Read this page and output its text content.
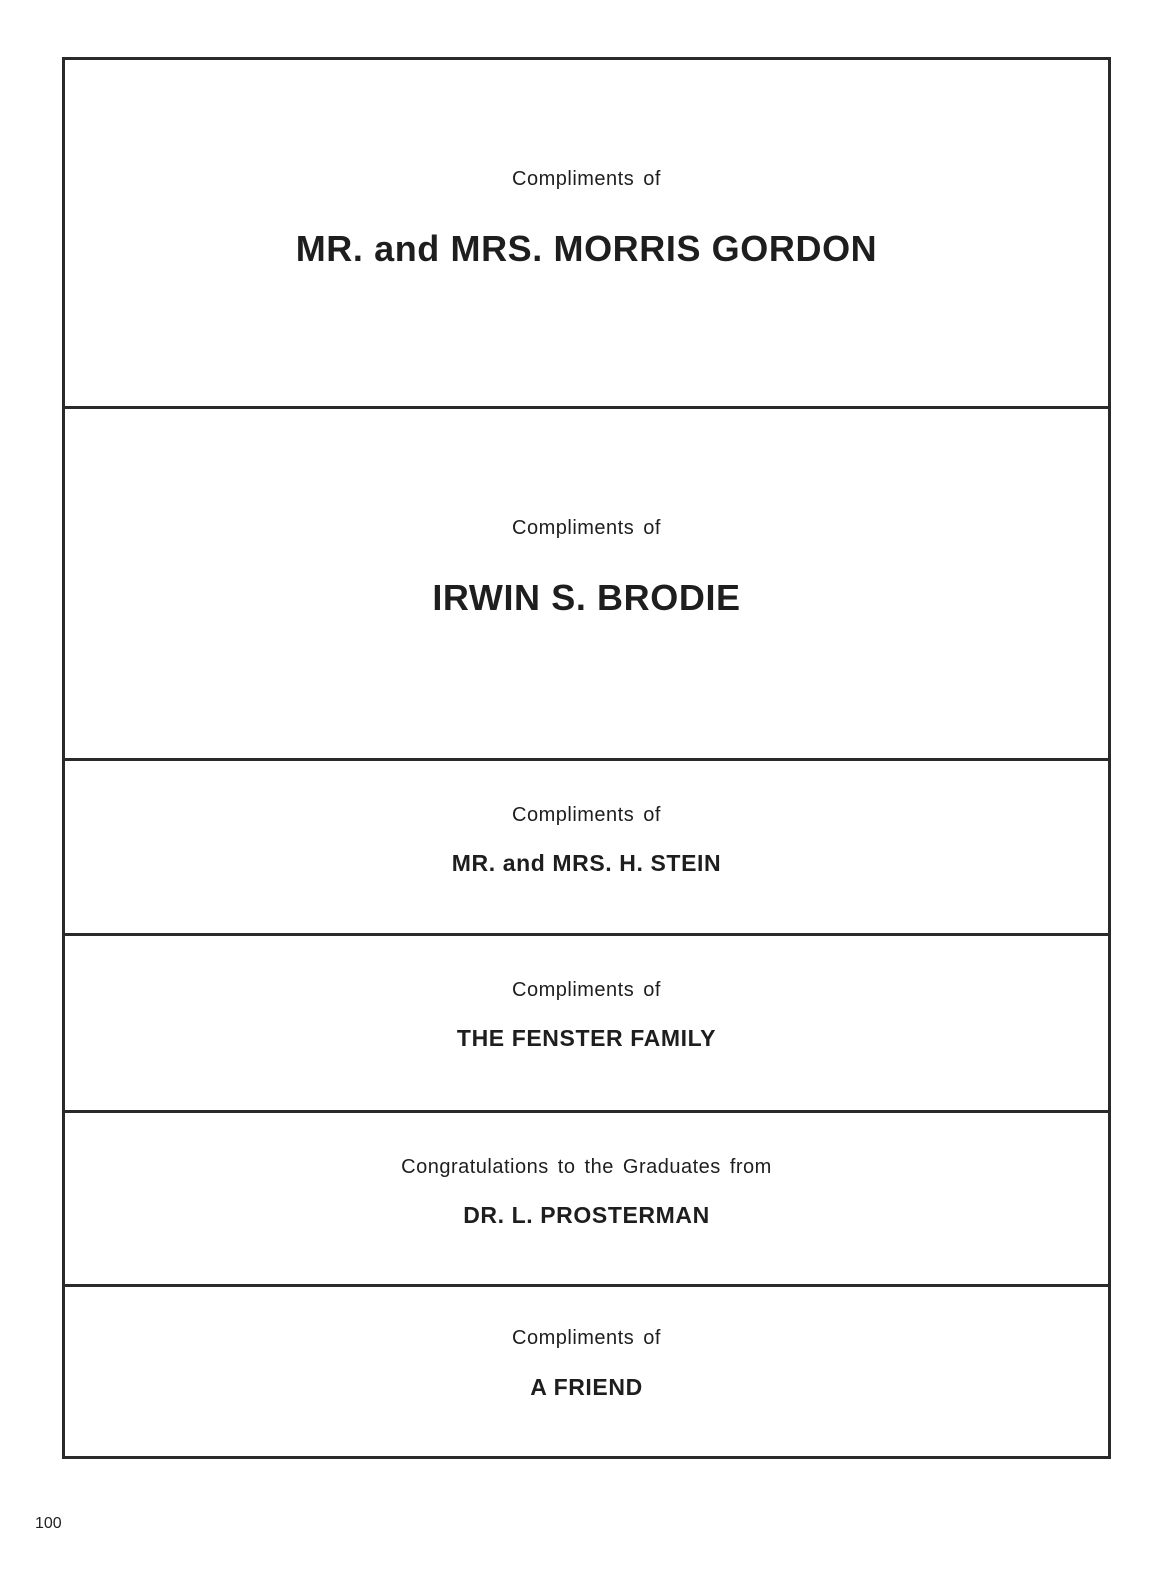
Compliments of
MR. and MRS. MORRIS GORDON
Compliments of
IRWIN S. BRODIE
Compliments of
MR. and MRS. H. STEIN
Compliments of
THE FENSTER FAMILY
Congratulations to the Graduates from
DR. L. PROSTERMAN
Compliments of
A FRIEND
100
